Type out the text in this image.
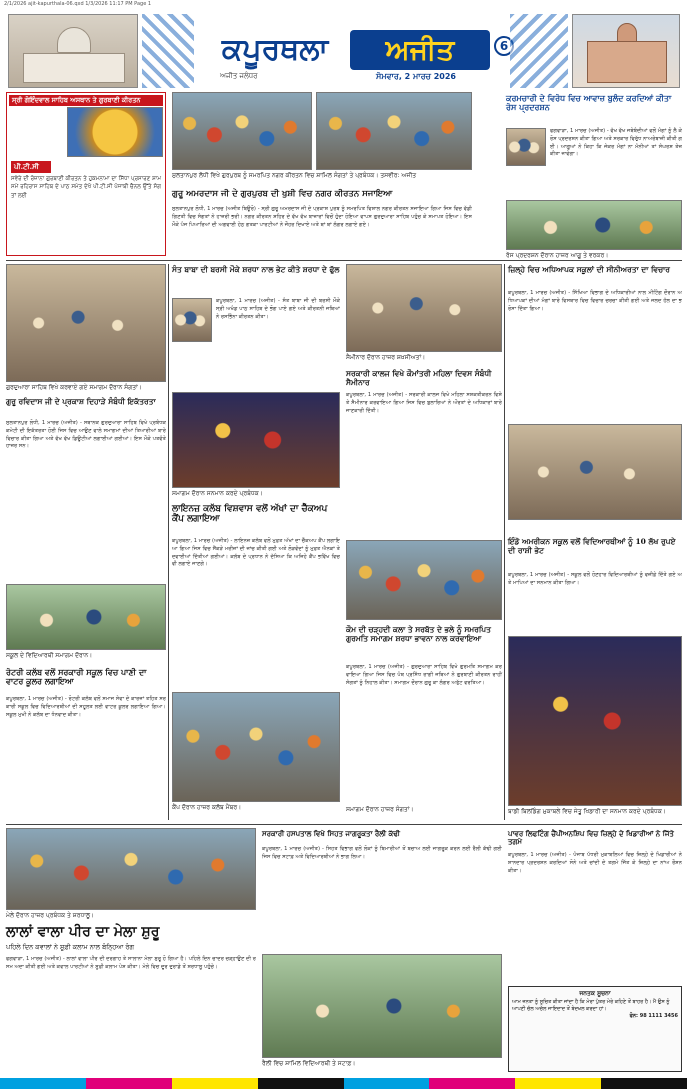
2/1/2026 ajit-kapurthala-06.qxd 1/3/2026 11:17 PM Page 1
ਕਪੂਰਥਲਾ	ਅਜੀਤ
ਅਜੀਤ ਜਲੰਧਰ	ਸੋਮਵਾਰ, 2 ਮਾਰਚ 2026
6
ਸ੍ਰੀ ਗੋਇੰਦਵਾਲ ਸਾਹਿਬ ਅਸਥਾਨ ਤੇ ਗੁਰਬਾਣੀ ਕੀਰਤਨ
ਪੀ.ਟੀ.ਸੀ
ਸਵੇਰੇ ਦੀ ਰੋਜ਼ਾਨਾ ਗੁਰਬਾਣੀ ਕੀਰਤਨ ਤੇ ਹੁਕਮਨਾਮਾ ਦਾ ਸਿੱਧਾ ਪ੍ਰਸਾਰਣ ਸ਼ਾਮ ਸਮੇਂ ਰਹਿਰਾਸ ਸਾਹਿਬ ਦੇ ਪਾਠ ਸਮੇਤ ਦੇਖੋ ਪੀ.ਟੀ.ਸੀ ਪੰਜਾਬੀ ਚੈਨਲ ਉੱਤੇ ਸੰਗਤਾਂ ਲਈ
ਸੁਲਤਾਨਪੁਰ ਲੋਧੀ ਵਿਖੇ ਗੁਰਪੁਰਬ ਨੂੰ ਸਮਰਪਿਤ ਨਗਰ ਕੀਰਤਨ ਵਿਚ ਸ਼ਾਮਿਲ ਸੰਗਤਾਂ ਤੇ ਪ੍ਰਬੰਧਕ। ਤਸਵੀਰ: ਅਜੀਤ
ਗੁਰੂ ਅਮਰਦਾਸ ਜੀ ਦੇ ਗੁਰਪੁਰਬ ਦੀ ਖੁਸ਼ੀ ਵਿਚ ਨਗਰ ਕੀਰਤਨ ਸਜਾਇਆ
ਸੁਲਤਾਨਪੁਰ ਲੋਧੀ, 1 ਮਾਰਚ (ਅਜੀਤ ਬਿਊਰੋ) - ਸ੍ਰੀ ਗੁਰੂ ਅਮਰਦਾਸ ਜੀ ਦੇ ਪ੍ਰਕਾਸ਼ ਪੁਰਬ ਨੂੰ ਸਮਰਪਿਤ ਵਿਸ਼ਾਲ ਨਗਰ ਕੀਰਤਨ ਸਜਾਇਆ ਗਿਆ ਜਿਸ ਵਿਚ ਵੱਡੀ ਗਿਣਤੀ ਵਿਚ ਸੰਗਤਾਂ ਨੇ ਹਾਜ਼ਰੀ ਭਰੀ। ਨਗਰ ਕੀਰਤਨ ਸ਼ਹਿਰ ਦੇ ਵੱਖ ਵੱਖ ਬਾਜ਼ਾਰਾਂ ਵਿਚੋਂ ਹੁੰਦਾ ਹੋਇਆ ਵਾਪਸ ਗੁਰਦੁਆਰਾ ਸਾਹਿਬ ਪਹੁੰਚ ਕੇ ਸਮਾਪਤ ਹੋਇਆ। ਇਸ ਮੌਕੇ ਪੰਜ ਪਿਆਰਿਆਂ ਦੀ ਅਗਵਾਈ ਹੇਠ ਗਤਕਾ ਪਾਰਟੀਆਂ ਨੇ ਜੌਹਰ ਦਿਖਾਏ ਅਤੇ ਥਾਂ ਥਾਂ ਲੰਗਰ ਲਗਾਏ ਗਏ।
ਕਰਮਚਾਰੀ ਦੇ ਵਿਰੋਧ ਵਿਚ ਆਵਾਜ਼ ਬੁਲੰਦ ਕਰਦਿਆਂ ਕੀਤਾ ਰੋਸ ਪ੍ਰਦਰਸ਼ਨ
ਫਗਵਾੜਾ, 1 ਮਾਰਚ (ਅਜੀਤ) - ਵੱਖ ਵੱਖ ਜਥੇਬੰਦੀਆਂ ਵਲੋਂ ਮੰਗਾਂ ਨੂੰ ਲੈ ਕੇ ਰੋਸ ਪ੍ਰਦਰਸ਼ਨ ਕੀਤਾ ਗਿਆ ਅਤੇ ਸਰਕਾਰ ਵਿਰੁੱਧ ਨਾਅਰੇਬਾਜ਼ੀ ਕੀਤੀ ਗਈ। ਆਗੂਆਂ ਨੇ ਕਿਹਾ ਕਿ ਜੇਕਰ ਮੰਗਾਂ ਨਾ ਮੰਨੀਆਂ ਤਾਂ ਸੰਘਰਸ਼ ਤੇਜ਼ ਕੀਤਾ ਜਾਵੇਗਾ।
ਰੋਸ ਪ੍ਰਦਰਸ਼ਨ ਦੌਰਾਨ ਹਾਜ਼ਰ ਆਗੂ ਤੇ ਵਰਕਰ।
ਗੁਰਦੁਆਰਾ ਸਾਹਿਬ ਵਿਖੇ ਕਰਵਾਏ ਗਏ ਸਮਾਗਮ ਦੌਰਾਨ ਸੰਗਤਾਂ।
ਗੁਰੂ ਰਵਿਦਾਸ ਜੀ ਦੇ ਪ੍ਰਕਾਸ਼ ਦਿਹਾੜੇ ਸੰਬੰਧੀ ਇਕੱਤਰਤਾ
ਸੁਲਤਾਨਪੁਰ ਲੋਧੀ, 1 ਮਾਰਚ (ਅਜੀਤ) - ਸਥਾਨਕ ਗੁਰਦੁਆਰਾ ਸਾਹਿਬ ਵਿਖੇ ਪ੍ਰਬੰਧਕ ਕਮੇਟੀ ਦੀ ਇਕੱਤਰਤਾ ਹੋਈ ਜਿਸ ਵਿਚ ਆਉਣ ਵਾਲੇ ਸਮਾਗਮਾਂ ਦੀਆਂ ਤਿਆਰੀਆਂ ਬਾਰੇ ਵਿਚਾਰ ਕੀਤਾ ਗਿਆ ਅਤੇ ਵੱਖ ਵੱਖ ਡਿਊਟੀਆਂ ਲਗਾਈਆਂ ਗਈਆਂ। ਇਸ ਮੌਕੇ ਪਤਵੰਤੇ ਹਾਜ਼ਰ ਸਨ।
ਸਕੂਲ ਦੇ ਵਿਦਿਆਰਥੀ ਸਮਾਗਮ ਦੌਰਾਨ।
ਰੋਟਰੀ ਕਲੱਬ ਵਲੋਂ ਸਰਕਾਰੀ ਸਕੂਲ ਵਿਚ ਪਾਣੀ ਦਾ ਵਾਟਰ ਕੂਲਰ ਲਗਾਇਆ
ਕਪੂਰਥਲਾ, 1 ਮਾਰਚ (ਅਜੀਤ) - ਰੋਟਰੀ ਕਲੱਬ ਵਲੋਂ ਸਮਾਜ ਸੇਵਾ ਦੇ ਕਾਰਜਾਂ ਤਹਿਤ ਸਰਕਾਰੀ ਸਕੂਲ ਵਿਚ ਵਿਦਿਆਰਥੀਆਂ ਦੀ ਸਹੂਲਤ ਲਈ ਵਾਟਰ ਕੂਲਰ ਲਗਾਇਆ ਗਿਆ। ਸਕੂਲ ਮੁਖੀ ਨੇ ਕਲੱਬ ਦਾ ਧੰਨਵਾਦ ਕੀਤਾ।
ਸੰਤ ਬਾਬਾ ਦੀ ਬਰਸੀ ਮੌਕੇ ਸ਼ਰਧਾ ਨਾਲ ਭੇਟ ਕੀਤੇ ਸ਼ਰਧਾ ਦੇ ਫੁੱਲ
ਕਪੂਰਥਲਾ, 1 ਮਾਰਚ (ਅਜੀਤ) - ਸੰਤ ਬਾਬਾ ਜੀ ਦੀ ਬਰਸੀ ਮੌਕੇ ਸ੍ਰੀ ਅਖੰਡ ਪਾਠ ਸਾਹਿਬ ਦੇ ਭੋਗ ਪਾਏ ਗਏ ਅਤੇ ਕੀਰਤਨੀ ਜਥਿਆਂ ਨੇ ਰਸਭਿੰਨਾ ਕੀਰਤਨ ਕੀਤਾ।
ਸਮਾਗਮ ਦੌਰਾਨ ਸਨਮਾਨ ਕਰਦੇ ਪ੍ਰਬੰਧਕ।
ਲਾਇਨਜ਼ ਕਲੱਬ ਵਿਸ਼ਵਾਸ ਵਲੋਂ ਅੱਖਾਂ ਦਾ ਚੈੱਕਅਪ ਕੈਂਪ ਲਗਾਇਆ
ਕਪੂਰਥਲਾ, 1 ਮਾਰਚ (ਅਜੀਤ) - ਲਾਇਨਜ਼ ਕਲੱਬ ਵਲੋਂ ਮੁਫ਼ਤ ਅੱਖਾਂ ਦਾ ਚੈੱਕਅਪ ਕੈਂਪ ਲਗਾਇਆ ਗਿਆ ਜਿਸ ਵਿਚ ਸੈਂਕੜੇ ਮਰੀਜ਼ਾਂ ਦੀ ਜਾਂਚ ਕੀਤੀ ਗਈ ਅਤੇ ਲੋੜਵੰਦਾਂ ਨੂੰ ਮੁਫ਼ਤ ਐਨਕਾਂ ਤੇ ਦਵਾਈਆਂ ਦਿੱਤੀਆਂ ਗਈਆਂ। ਕਲੱਬ ਦੇ ਪ੍ਰਧਾਨ ਨੇ ਦੱਸਿਆ ਕਿ ਅਜਿਹੇ ਕੈਂਪ ਭਵਿੱਖ ਵਿਚ ਵੀ ਲਗਾਏ ਜਾਣਗੇ।
ਕੈਂਪ ਦੌਰਾਨ ਹਾਜ਼ਰ ਕਲੱਬ ਮੈਂਬਰ।
ਸੈਮੀਨਾਰ ਦੌਰਾਨ ਹਾਜ਼ਰ ਸ਼ਖ਼ਸੀਅਤਾਂ।
ਸਰਕਾਰੀ ਕਾਲਜ ਵਿਖੇ ਕੌਮਾਂਤਰੀ ਮਹਿਲਾ ਦਿਵਸ ਸੰਬੰਧੀ ਸੈਮੀਨਾਰ
ਕਪੂਰਥਲਾ, 1 ਮਾਰਚ (ਅਜੀਤ) - ਸਰਕਾਰੀ ਕਾਲਜ ਵਿਖੇ ਮਹਿਲਾ ਸਸ਼ਕਤੀਕਰਨ ਵਿਸ਼ੇ ਤੇ ਸੈਮੀਨਾਰ ਕਰਵਾਇਆ ਗਿਆ ਜਿਸ ਵਿਚ ਬੁਲਾਰਿਆਂ ਨੇ ਔਰਤਾਂ ਦੇ ਅਧਿਕਾਰਾਂ ਬਾਰੇ ਜਾਣਕਾਰੀ ਦਿੱਤੀ।
ਕੌਮ ਦੀ ਚੜ੍ਹਦੀ ਕਲਾ ਤੇ ਸਰਬੱਤ ਦੇ ਭਲੇ ਨੂੰ ਸਮਰਪਿਤ ਗੁਰਮਤਿ ਸਮਾਗਮ ਸ਼ਰਧਾ ਭਾਵਨਾ ਨਾਲ ਕਰਵਾਇਆ
ਕਪੂਰਥਲਾ, 1 ਮਾਰਚ (ਅਜੀਤ) - ਗੁਰਦੁਆਰਾ ਸਾਹਿਬ ਵਿਖੇ ਗੁਰਮਤਿ ਸਮਾਗਮ ਕਰਵਾਇਆ ਗਿਆ ਜਿਸ ਵਿਚ ਪੰਥ ਪ੍ਰਸਿੱਧ ਰਾਗੀ ਜਥਿਆਂ ਨੇ ਗੁਰਬਾਣੀ ਕੀਰਤਨ ਰਾਹੀਂ ਸੰਗਤਾਂ ਨੂੰ ਨਿਹਾਲ ਕੀਤਾ। ਸਮਾਗਮ ਦੌਰਾਨ ਗੁਰੂ ਕਾ ਲੰਗਰ ਅਤੁੱਟ ਵਰਤਿਆ।
ਸਮਾਗਮ ਦੌਰਾਨ ਹਾਜ਼ਰ ਸੰਗਤਾਂ।
ਜ਼ਿਲ੍ਹੇ ਵਿਚ ਅਧਿਆਪਕ ਸਕੂਲਾਂ ਦੀ ਸੀਨੀਅਰਤਾ ਦਾ ਵਿਚਾਰ
ਕਪੂਰਥਲਾ, 1 ਮਾਰਚ (ਅਜੀਤ) - ਸਿੱਖਿਆ ਵਿਭਾਗ ਦੇ ਅਧਿਕਾਰੀਆਂ ਨਾਲ ਮੀਟਿੰਗ ਦੌਰਾਨ ਅਧਿਆਪਕਾਂ ਦੀਆਂ ਮੰਗਾਂ ਬਾਰੇ ਵਿਸਥਾਰ ਵਿਚ ਵਿਚਾਰ ਚਰਚਾ ਕੀਤੀ ਗਈ ਅਤੇ ਜਲਦ ਹੱਲ ਦਾ ਭਰੋਸਾ ਦਿੱਤਾ ਗਿਆ।
ਇੰਡੋ ਅਮਰੀਕਨ ਸਕੂਲ ਵਲੋਂ ਵਿਦਿਆਰਥੀਆਂ ਨੂੰ 10 ਲੱਖ ਰੁਪਏ ਦੀ ਰਾਸ਼ੀ ਭੇਟ
ਕਪੂਰਥਲਾ, 1 ਮਾਰਚ (ਅਜੀਤ) - ਸਕੂਲ ਵਲੋਂ ਹੋਣਹਾਰ ਵਿਦਿਆਰਥੀਆਂ ਨੂੰ ਵਜ਼ੀਫ਼ੇ ਦਿੱਤੇ ਗਏ ਅਤੇ ਮਾਪਿਆਂ ਦਾ ਸਨਮਾਨ ਕੀਤਾ ਗਿਆ।
ਬਾਡੀ ਬਿਲਡਿੰਗ ਮੁਕਾਬਲੇ ਵਿਚ ਜੇਤੂ ਖਿਡਾਰੀ ਦਾ ਸਨਮਾਨ ਕਰਦੇ ਪ੍ਰਬੰਧਕ।
ਮੇਲੇ ਦੌਰਾਨ ਹਾਜ਼ਰ ਪ੍ਰਬੰਧਕ ਤੇ ਸ਼ਰਧਾਲੂ।
ਲਾਲਾਂ ਵਾਲਾ ਪੀਰ ਦਾ ਮੇਲਾ ਸ਼ੁਰੂ
ਪਹਿਲੇ ਦਿਨ ਕਵਾਲਾਂ ਨੇ ਸੂਫ਼ੀ ਕਲਾਮ ਨਾਲ ਬੰਨ੍ਹਿਆ ਰੰਗ
ਫਗਵਾੜਾ, 1 ਮਾਰਚ (ਅਜੀਤ) - ਲਾਲਾਂ ਵਾਲਾ ਪੀਰ ਦੀ ਦਰਗਾਹ ਤੇ ਸਾਲਾਨਾ ਮੇਲਾ ਸ਼ੁਰੂ ਹੋ ਗਿਆ ਹੈ। ਪਹਿਲੇ ਦਿਨ ਚਾਦਰ ਚੜ੍ਹਾਉਣ ਦੀ ਰਸਮ ਅਦਾ ਕੀਤੀ ਗਈ ਅਤੇ ਕਵਾਲ ਪਾਰਟੀਆਂ ਨੇ ਸੂਫ਼ੀ ਕਲਾਮ ਪੇਸ਼ ਕੀਤਾ। ਮੇਲੇ ਵਿਚ ਦੂਰ ਦੁਰਾਡੇ ਤੋਂ ਸ਼ਰਧਾਲੂ ਪਹੁੰਚੇ।
ਸਰਕਾਰੀ ਹਸਪਤਾਲ ਵਿਖੇ ਸਿਹਤ ਜਾਗਰੂਕਤਾ ਰੈਲੀ ਕੱਢੀ
ਕਪੂਰਥਲਾ, 1 ਮਾਰਚ (ਅਜੀਤ) - ਸਿਹਤ ਵਿਭਾਗ ਵਲੋਂ ਲੋਕਾਂ ਨੂੰ ਬਿਮਾਰੀਆਂ ਤੋਂ ਬਚਾਅ ਲਈ ਜਾਗਰੂਕ ਕਰਨ ਲਈ ਰੈਲੀ ਕੱਢੀ ਗਈ ਜਿਸ ਵਿਚ ਸਟਾਫ਼ ਅਤੇ ਵਿਦਿਆਰਥੀਆਂ ਨੇ ਭਾਗ ਲਿਆ।
ਰੈਲੀ ਵਿਚ ਸ਼ਾਮਿਲ ਵਿਦਿਆਰਥੀ ਤੇ ਸਟਾਫ਼।
ਪਾਵਰ ਲਿਫਟਿੰਗ ਚੈਂਪੀਅਨਸ਼ਿਪ ਵਿਚ ਜ਼ਿਲ੍ਹੇ ਦੇ ਖਿਡਾਰੀਆਂ ਨੇ ਜਿੱਤੇ ਤਗਮੇ
ਕਪੂਰਥਲਾ, 1 ਮਾਰਚ (ਅਜੀਤ) - ਪੰਜਾਬ ਪੱਧਰੀ ਮੁਕਾਬਲਿਆਂ ਵਿਚ ਜ਼ਿਲ੍ਹੇ ਦੇ ਖਿਡਾਰੀਆਂ ਨੇ ਸ਼ਾਨਦਾਰ ਪ੍ਰਦਰਸ਼ਨ ਕਰਦਿਆਂ ਸੋਨੇ ਅਤੇ ਚਾਂਦੀ ਦੇ ਤਗਮੇ ਜਿੱਤ ਕੇ ਜ਼ਿਲ੍ਹੇ ਦਾ ਨਾਂਅ ਰੌਸ਼ਨ ਕੀਤਾ।
ਜਨਤਕ ਸੂਚਨਾ
ਆਮ ਜਨਤਾ ਨੂੰ ਸੂਚਿਤ ਕੀਤਾ ਜਾਂਦਾ ਹੈ ਕਿ ਮੇਰਾ ਪੁੱਤਰ ਮੇਰੇ ਕਹਿਣੇ ਤੋਂ ਬਾਹਰ ਹੈ। ਮੈਂ ਉਸ ਨੂੰ ਆਪਣੀ ਚੱਲ ਅਚੱਲ ਜਾਇਦਾਦ ਤੋਂ ਬੇਦਖ਼ਲ ਕਰਦਾ ਹਾਂ।
ਫੋਨ: 98 1111 3456
